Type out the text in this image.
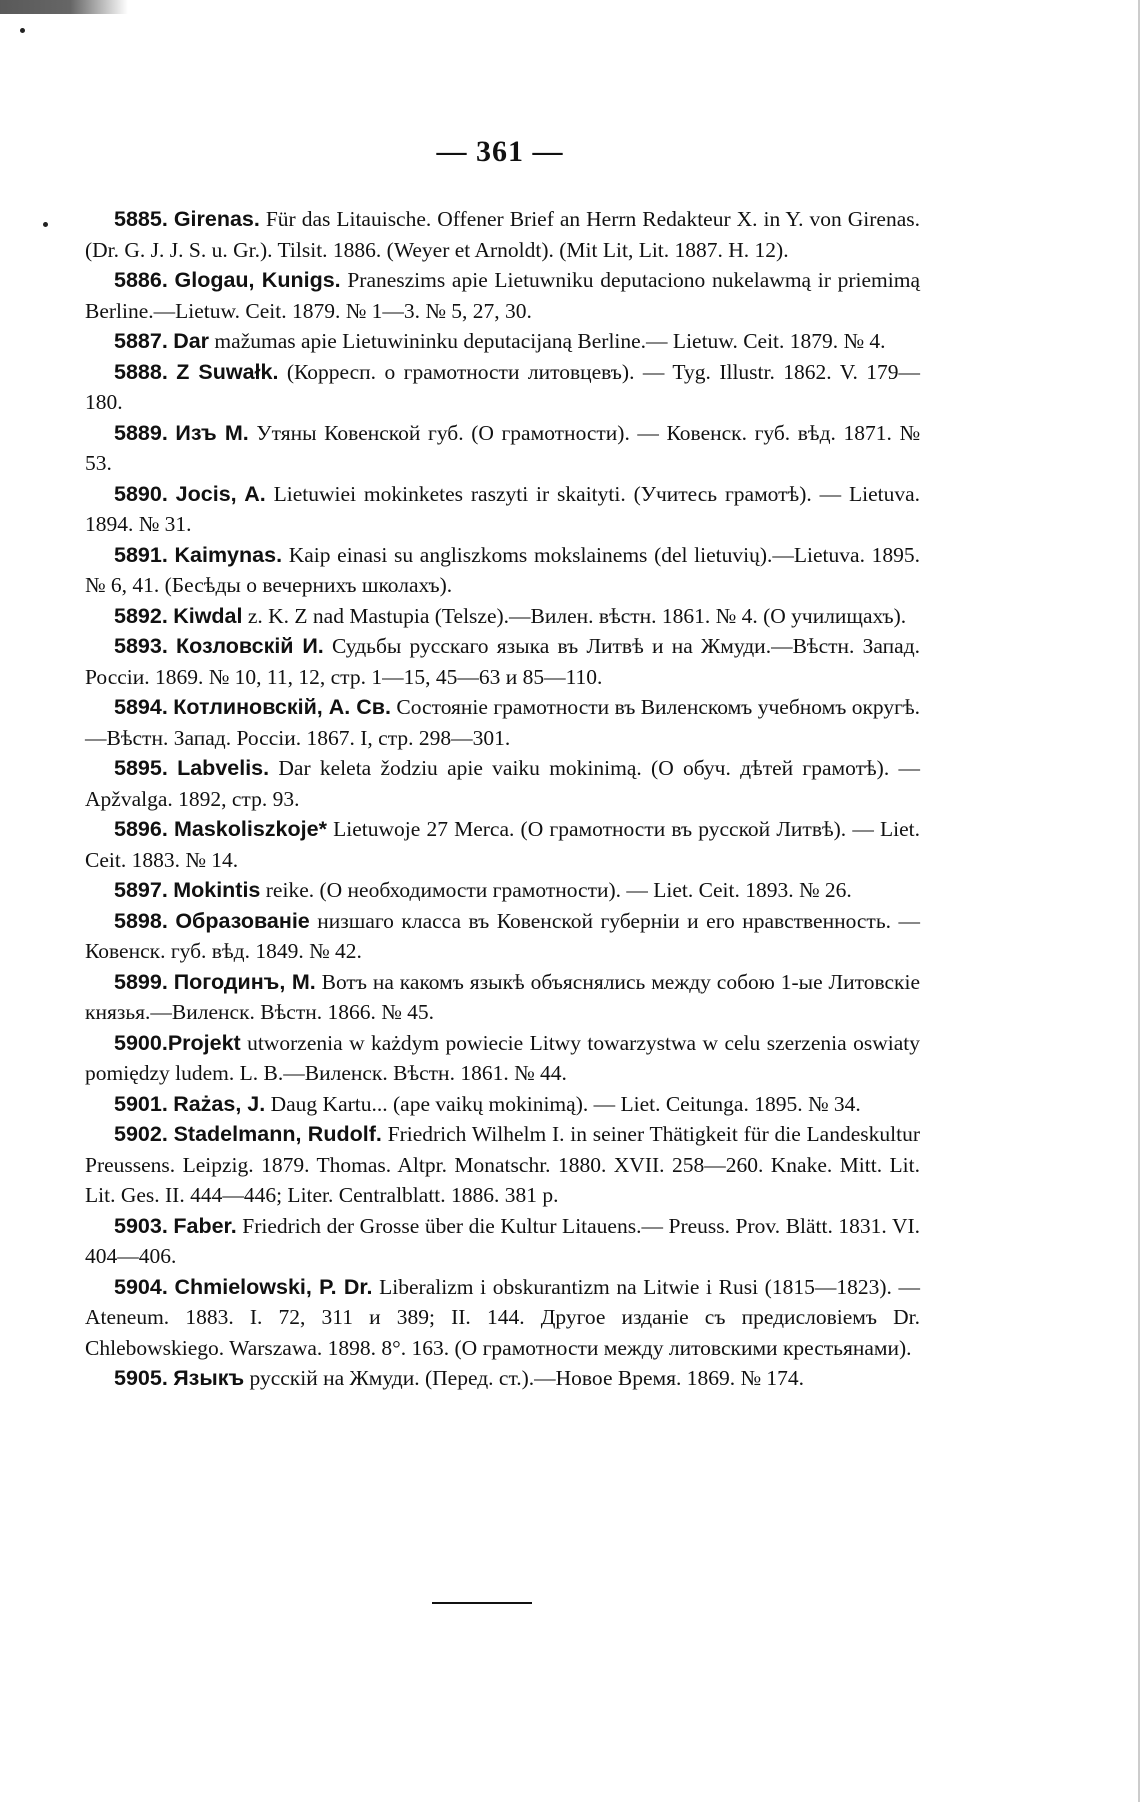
— 361 —

5885. Girenas. Für das Litauische. Offener Brief an Herrn Redakteur X. in Y. von Girenas. (Dr. G. J. J. S. u. Gr.). Tilsit. 1886. (Weyer et Arnoldt). (Mit Lit, Lit. 1887. H. 12).

5886. Glogau, Kunigs. Praneszims apie Lietuwniku deputaciono nukelawmą ir priemimą Berline.—Lietuw. Ceit. 1879. № 1—3. № 5, 27, 30.

5887. Dar mažumas apie Lietuwininku deputacijaną Berline.— Lietuw. Ceit. 1879. № 4.

5888. Z Suwałk. (Корресп. о грамотности литовцевъ). — Tyg. Illustr. 1862. V. 179—180.

5889. Изъ М. Утяны Ковенской губ. (О грамотности). — Ковенск. губ. вѣд. 1871. № 53.

5890. Jocis, A. Lietuwiei mokinketes raszyti ir skaityti. (Учитесь грамотѣ). — Lietuva. 1894. № 31.

5891. Kaimynas. Kaip einasi su angliszkoms mokslainems (del lietuvių).—Lietuva. 1895. № 6, 41. (Бесѣды о вечернихъ школахъ).

5892. Kiwdal z. K. Z nad Mastupia (Telsze).—Вилен. вѣстн. 1861. № 4. (О училищахъ).

5893. Козловскій И. Судьбы русскаго языка въ Литвѣ и на Жмуди.—Вѣстн. Запад. Россіи. 1869. № 10, 11, 12, стр. 1—15, 45—63 и 85—110.

5894. Котлиновскій, А. Св. Состояніе грамотности въ Виленскомъ учебномъ округѣ.—Вѣстн. Запад. Россіи. 1867. I, стр. 298—301.

5895. Labvelis. Dar keleta žodziu apie vaiku mokinimą. (О обуч. дѣтей грамотѣ). — Apžvalga. 1892, стр. 93.

5896. Maskoliszkoje* Lietuwoje 27 Merca. (О грамотности въ русской Литвѣ). — Liet. Ceit. 1883. № 14.

5897. Mokintis reike. (О необходимости грамотности). — Liet. Ceit. 1893. № 26.

5898. Образованіе низшаго класса въ Ковенской губерніи и его нравственность. — Ковенск. губ. вѣд. 1849. № 42.

5899. Погодинъ, М. Вотъ на какомъ языкѣ объяснялись между собою 1-ые Литовскіе князья.—Виленск. Вѣстн. 1866. № 45.

5900.Projekt utworzenia w każdym powiecie Litwy towarzystwa w celu szerzenia oswiaty pomiędzy ludem. L. B.—Виленск. Вѣстн. 1861. № 44.

5901. Rażas, J. Daug Kartu... (ape vaikų mokinimą). — Liet. Ceitunga. 1895. № 34.

5902. Stadelmann, Rudolf. Friedrich Wilhelm I. in seiner Thätigkeit für die Landeskultur Preussens. Leipzig. 1879. Thomas. Altpr. Monatschr. 1880. XVII. 258—260. Knake. Mitt. Lit. Lit. Ges. II. 444—446; Liter. Centralblatt. 1886. 381 p.

5903. Faber. Friedrich der Grosse über die Kultur Litauens.— Preuss. Prov. Blätt. 1831. VI. 404—406.

5904. Chmielowski, P. Dr. Liberalizm i obskurantizm na Litwie i Rusi (1815—1823). — Ateneum. 1883. I. 72, 311 и 389; II. 144. Другое изданіе съ предисловіемъ Dr. Chlebowskiego. Warszawa. 1898. 8°. 163. (О грамотности между литовскими крестьянами).

5905. Языкъ русскій на Жмуди. (Перед. ст.).—Новое Время. 1869. № 174.
